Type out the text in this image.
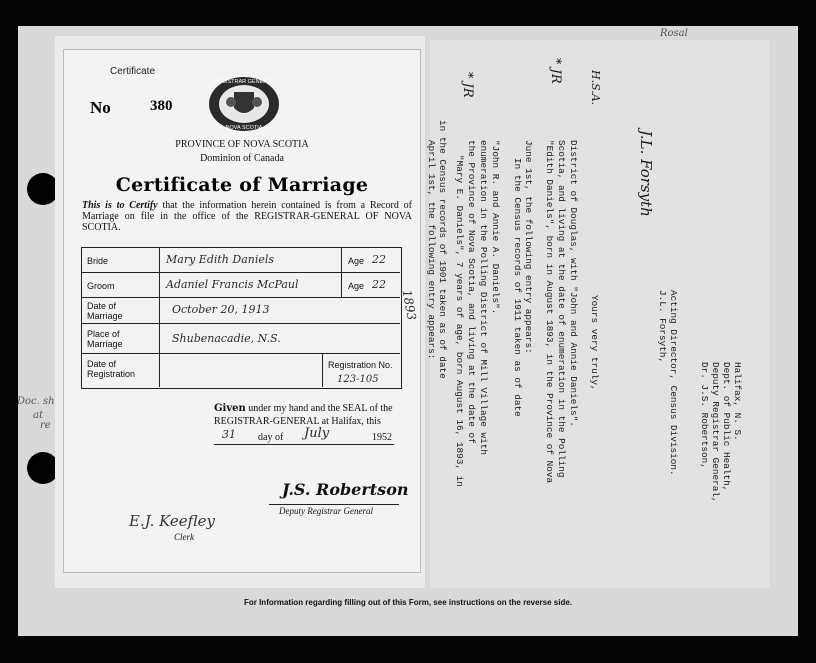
Doc. sh
at
re
Rosal
in the Census records of 1901 taken as of date
April 1st, the following entry appears: "Mary E. Daniels", 7 years of age, born August 16, 1893, in the Province of Nova Scotia, and living at the date of enumeration in the Polling District of Mill Village with "John R. and Annie A. Daniels". In the Census records of 1911 taken as of date June 1st, the following entry appears: "Edith Daniels", born in August 1893, in the Province of Nova Scotia, and living at the date of enumeration in the Polling District of Douglas, with "John and Annie Daniels". Yours very truly,	J.L. Forsyth, Acting Director, Census Division. Dr. J.S. Robertson, Deputy Registrar General, Dept. of Public Health, Halifax, N. S.
J.L. Forsyth
* JR
* JR H.S.A.
Certificate
No	380
REGISTRAR GENERAL
NOVA SCOTIA
PROVINCE OF NOVA SCOTIA
Dominion of Canada
Certificate of Marriage
This is to Certify that the information herein contained is from a Record of Marriage on file in the office of the REGISTRAR-GENERAL OF NOVA SCOTIA.
Bride	Mary Edith Daniels	Age 22
Groom	Adaniel Francis McPaul	Age 22
Date of
Marriage	October 20, 1913
Place of
Marriage	Shubenacadie, N.S.
Date of
Registration
Registration No.
123-105
1893
Given under my hand and the SEAL of the REGISTRAR-GENERAL at Halifax, this
31 day of July	1952
J.S. Robertson
Deputy Registrar General
E.J. Keefley
Clerk
For Information regarding filling out of this Form, see instructions on the reverse side.
